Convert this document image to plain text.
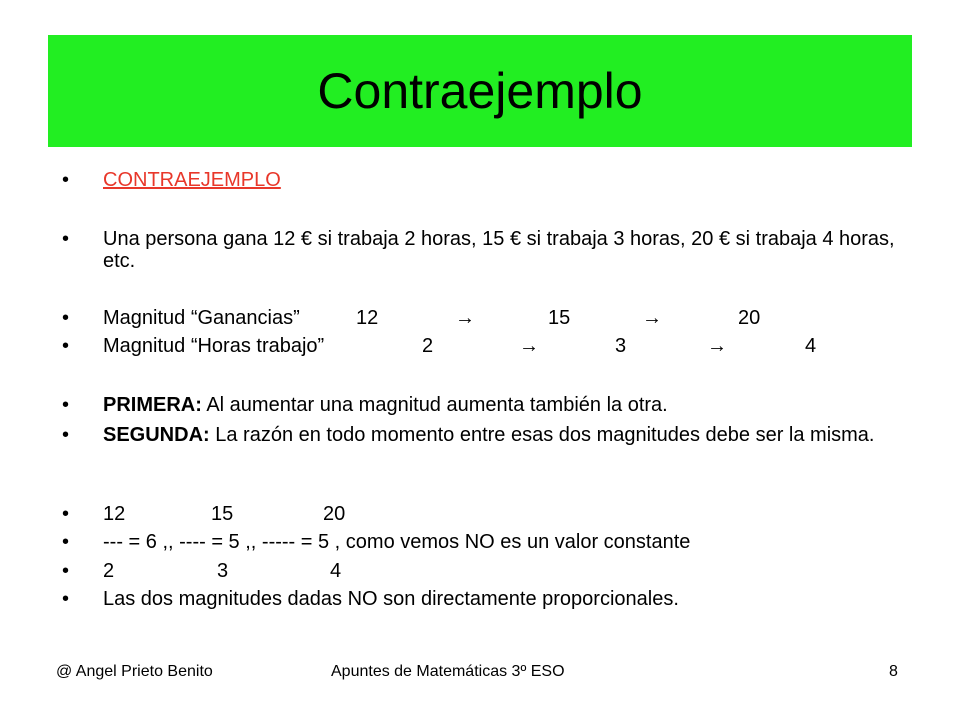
Contraejemplo
•	CONTRAEJEMPLO
•	Una persona gana 12 € si trabaja 2 horas, 15 € si trabaja 3 horas, 20 € si trabaja 4 horas, etc.
•	Magnitud “Ganancias”	12	→	15	→	20
•	Magnitud “Horas trabajo”	2	→	3	→	4
•	PRIMERA: Al aumentar una magnitud aumenta también la otra.
•	SEGUNDA: La razón en todo momento entre esas dos magnitudes debe ser la misma.
•	12	15	20
•	--- = 6 ,, ---- = 5 ,, ----- = 5 , como vemos NO es un valor constante
•	2	3	4
•	Las dos magnitudes dadas NO son directamente proporcionales.
@ Angel Prieto Benito	Apuntes de Matemáticas 3º ESO	8
